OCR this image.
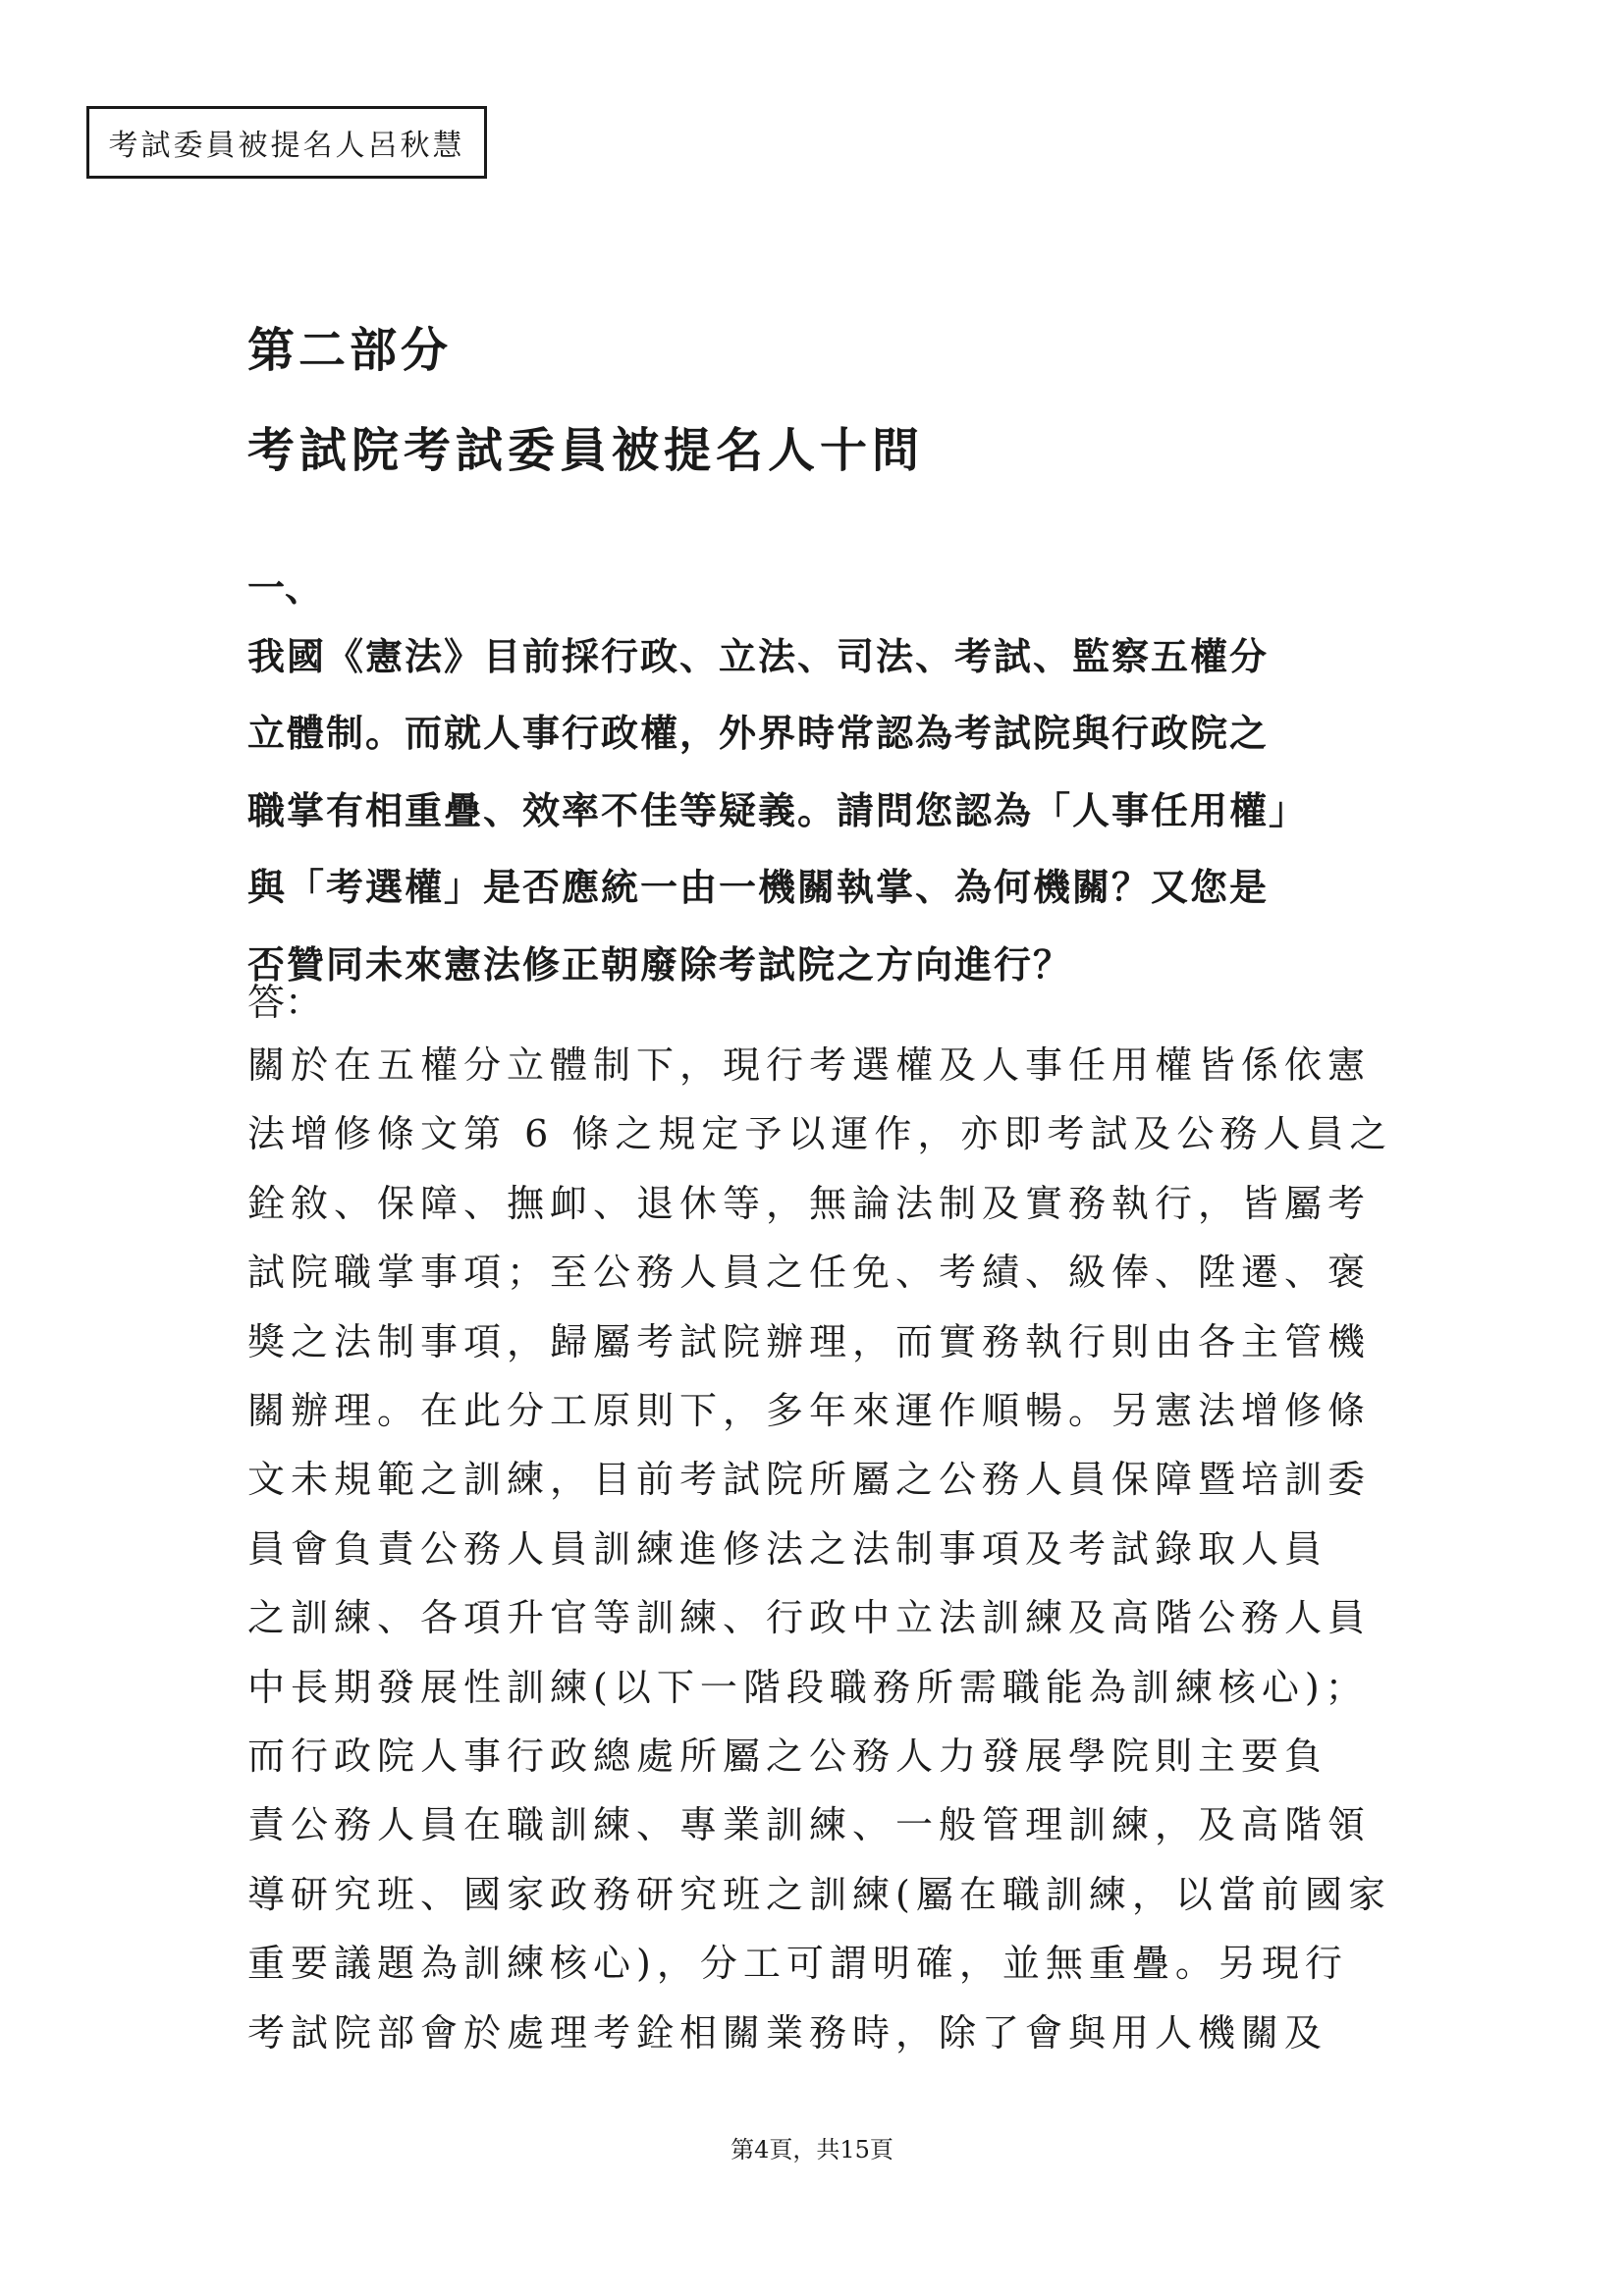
考試委員被提名人呂秋慧
第二部分
考試院考試委員被提名人十問
一、
我國《憲法》目前採行政、立法、司法、考試、監察五權分
立體制。而就人事行政權，外界時常認為考試院與行政院之
職掌有相重疊、效率不佳等疑義。請問您認為「人事任用權」
與「考選權」是否應統一由一機關執掌、為何機關？又您是
否贊同未來憲法修正朝廢除考試院之方向進行？
答：
關於在五權分立體制下，現行考選權及人事任用權皆係依憲
法增修條文第 6 條之規定予以運作，亦即考試及公務人員之
銓敘、保障、撫卹、退休等，無論法制及實務執行，皆屬考
試院職掌事項；至公務人員之任免、考績、級俸、陞遷、褒
獎之法制事項，歸屬考試院辦理，而實務執行則由各主管機
關辦理。在此分工原則下，多年來運作順暢。另憲法增修條
文未規範之訓練，目前考試院所屬之公務人員保障暨培訓委
員會負責公務人員訓練進修法之法制事項及考試錄取人員
之訓練、各項升官等訓練、行政中立法訓練及高階公務人員
中長期發展性訓練(以下一階段職務所需職能為訓練核心)；
而行政院人事行政總處所屬之公務人力發展學院則主要負
責公務人員在職訓練、專業訓練、一般管理訓練，及高階領
導研究班、國家政務研究班之訓練(屬在職訓練，以當前國家
重要議題為訓練核心)，分工可謂明確，並無重疊。另現行
考試院部會於處理考銓相關業務時，除了會與用人機關及
第4頁，共15頁
